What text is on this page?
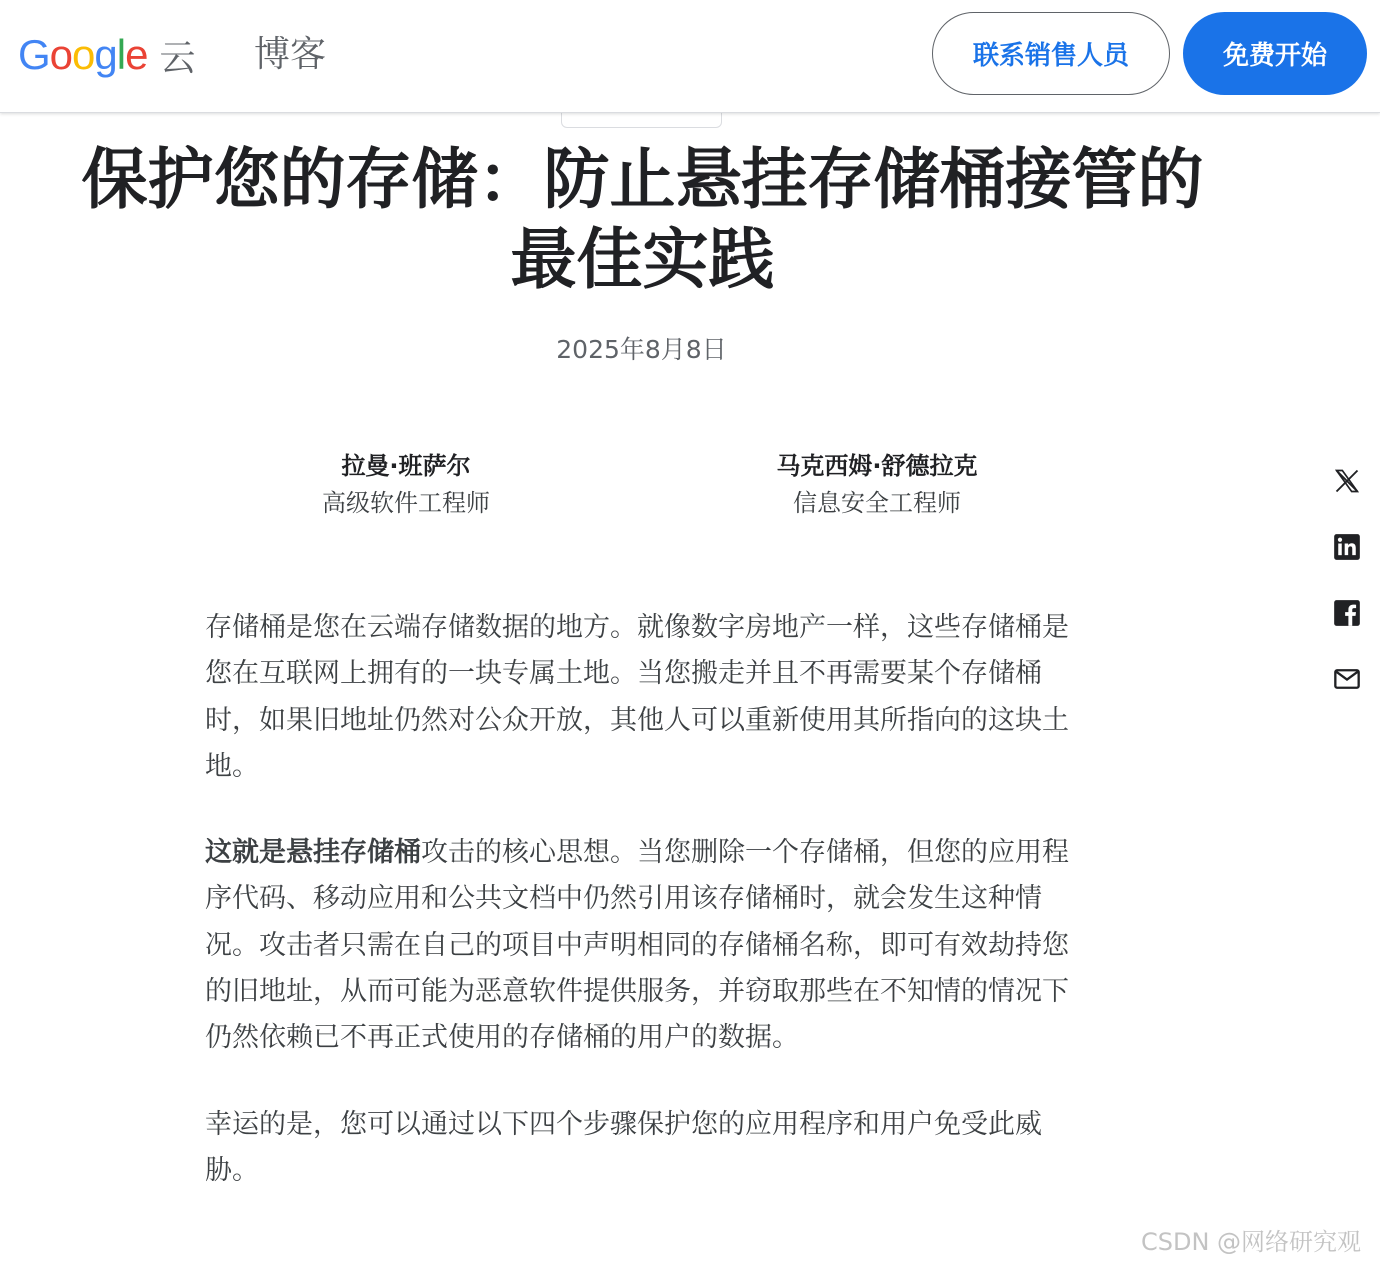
G o o g l e 云 博客	联系销售人员	免费开始
保护您的存储：防止悬挂存储桶接管的最佳实践
2025年8月8日
拉曼·班萨尔
高级软件工程师
马克西姆·舒德拉克
信息安全工程师

存储桶是您在云端存储数据的地方。就像数字房地产一样，这些存储桶是您在互联网上拥有的一块专属土地。当您搬走并且不再需要某个存储桶时，如果旧地址仍然对公众开放，其他人可以重新使用其所指向的这块土地。

这就是悬挂存储桶攻击的核心思想。当您删除一个存储桶，但您的应用程序代码、移动应用和公共文档中仍然引用该存储桶时，就会发生这种情况。攻击者只需在自己的项目中声明相同的存储桶名称，即可有效劫持您的旧地址，从而可能为恶意软件提供服务，并窃取那些在不知情的情况下仍然依赖已不再正式使用的存储桶的用户的数据。

幸运的是，您可以通过以下四个步骤保护您的应用程序和用户免受此威胁。

CSDN @网络研究观
